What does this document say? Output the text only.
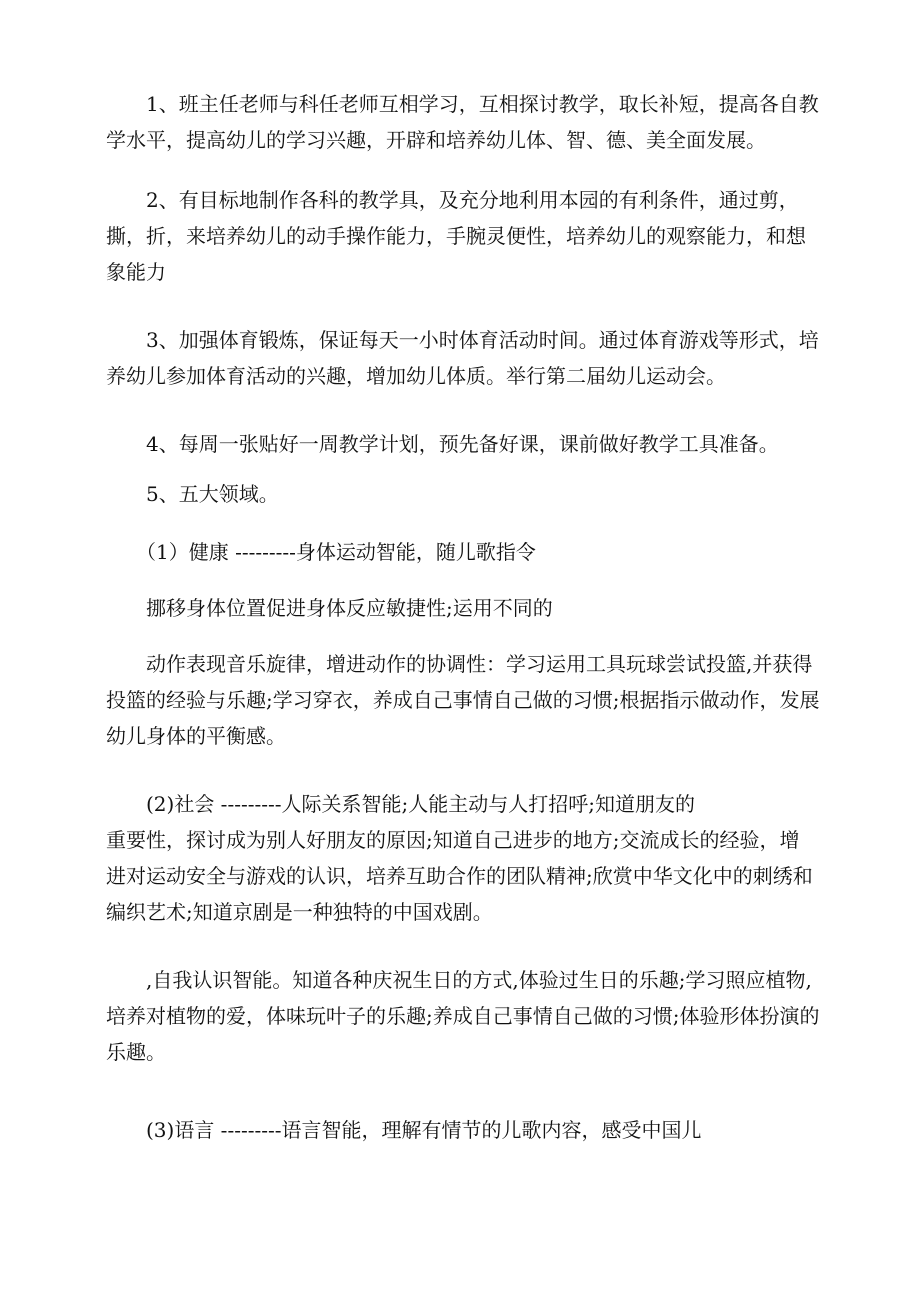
　　1、班主任老师与科任老师互相学习，互相探讨教学，取长补短，提高各自教
学水平，提高幼儿的学习兴趣，开辟和培养幼儿体、智、德、美全面发展。

　　2、有目标地制作各科的教学具，及充分地利用本园的有利条件，通过剪，
撕，折，来培养幼儿的动手操作能力，手腕灵便性，培养幼儿的观察能力，和想
象能力

　　3、加强体育锻炼，保证每天一小时体育活动时间。通过体育游戏等形式，培
养幼儿参加体育活动的兴趣，增加幼儿体质。举行第二届幼儿运动会。

　　4、每周一张贴好一周教学计划，预先备好课，课前做好教学工具准备。

　　5、五大领域。

　　（1）健康 ---------身体运动智能，随儿歌指令

　　挪移身体位置促进身体反应敏捷性;运用不同的

　　动作表现音乐旋律，增进动作的协调性：学习运用工具玩球尝试投篮,并获得
投篮的经验与乐趣;学习穿衣，养成自己事情自己做的习惯;根据指示做动作，发展
幼儿身体的平衡感。

　　(2)社会 ---------人际关系智能;人能主动与人打招呼;知道朋友的
重要性，探讨成为别人好朋友的原因;知道自己进步的地方;交流成长的经验，增
进对运动安全与游戏的认识，培养互助合作的团队精神;欣赏中华文化中的刺绣和
编织艺术;知道京剧是一种独特的中国戏剧。

　　,自我认识智能。知道各种庆祝生日的方式,体验过生日的乐趣;学习照应植物,
培养对植物的爱，体味玩叶子的乐趣;养成自己事情自己做的习惯;体验形体扮演的
乐趣。

　　(3)语言 ---------语言智能，理解有情节的儿歌内容，感受中国儿
